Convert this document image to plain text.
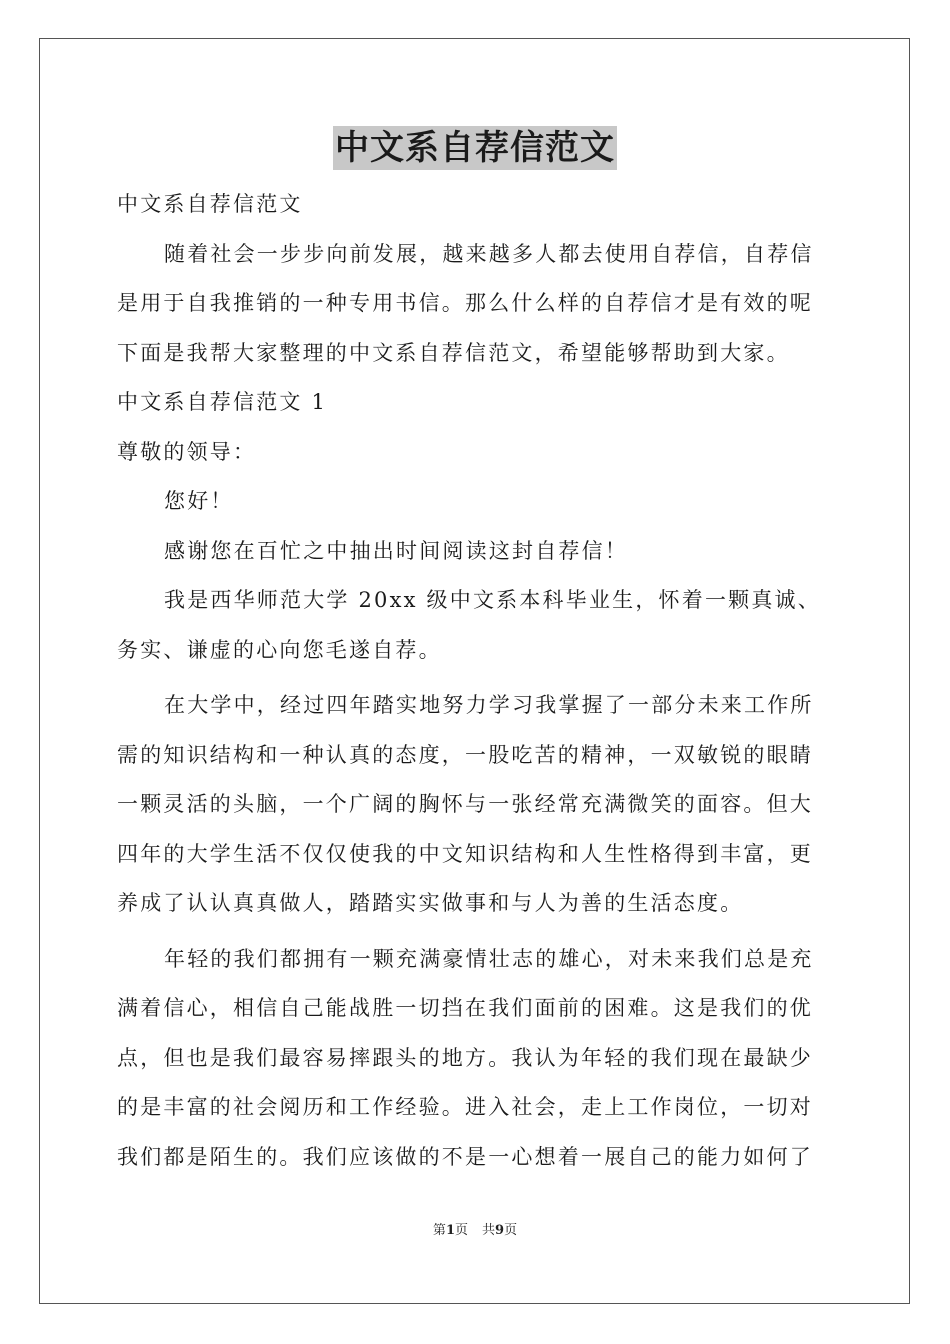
中文系自荐信范文
中文系自荐信范文
随着社会一步步向前发展，越来越多人都去使用自荐信，自荐信
是用于自我推销的一种专用书信。那么什么样的自荐信才是有效的呢
下面是我帮大家整理的中文系自荐信范文，希望能够帮助到大家。
中文系自荐信范文 1
尊敬的领导：
您好！
感谢您在百忙之中抽出时间阅读这封自荐信！
我是西华师范大学 20xx 级中文系本科毕业生，怀着一颗真诚、
务实、谦虚的心向您毛遂自荐。
在大学中，经过四年踏实地努力学习我掌握了一部分未来工作所
需的知识结构和一种认真的态度，一股吃苦的精神，一双敏锐的眼睛
一颗灵活的头脑，一个广阔的胸怀与一张经常充满微笑的面容。但大
四年的大学生活不仅仅使我的中文知识结构和人生性格得到丰富，更
养成了认认真真做人，踏踏实实做事和与人为善的生活态度。
年轻的我们都拥有一颗充满豪情壮志的雄心，对未来我们总是充
满着信心，相信自己能战胜一切挡在我们面前的困难。这是我们的优
点，但也是我们最容易摔跟头的地方。我认为年轻的我们现在最缺少
的是丰富的社会阅历和工作经验。进入社会，走上工作岗位，一切对
我们都是陌生的。我们应该做的不是一心想着一展自己的能力如何了
第1页 共9页
